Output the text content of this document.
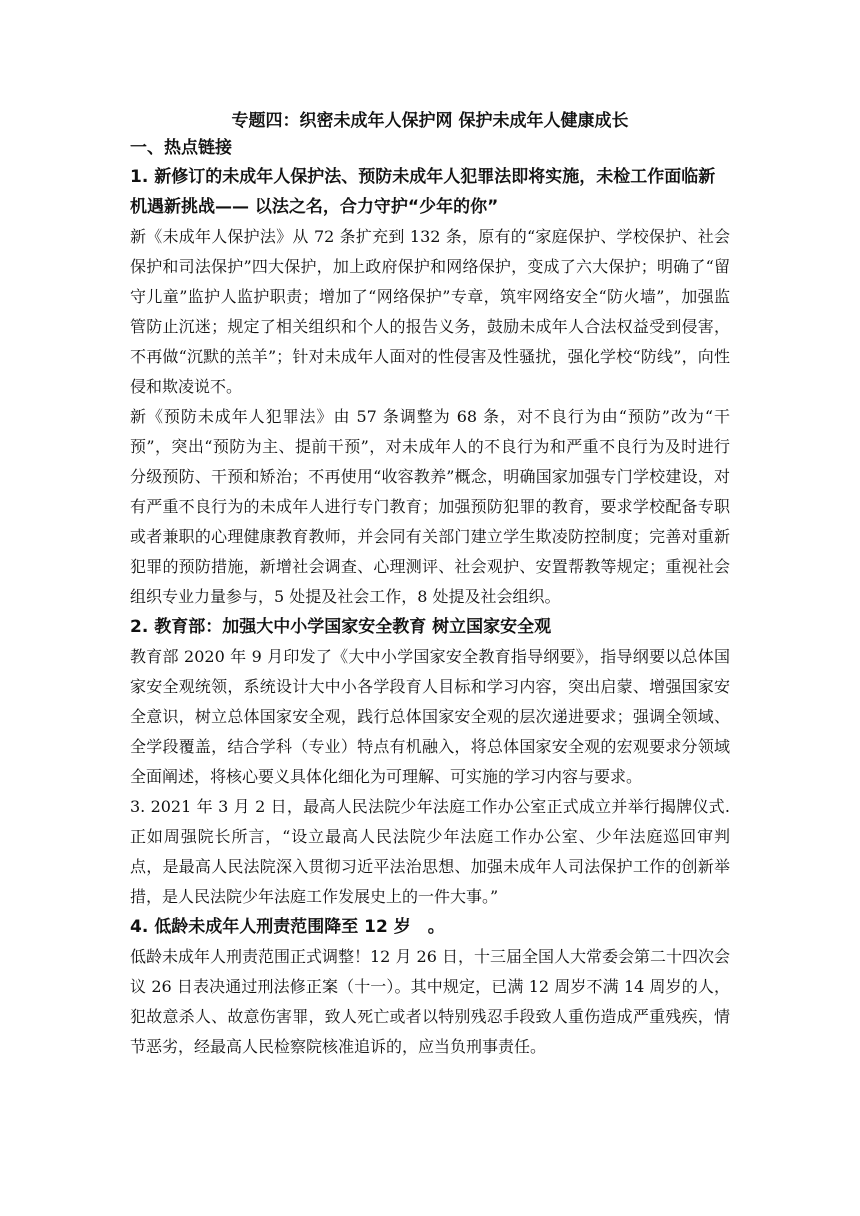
专题四：织密未成年人保护网 保护未成年人健康成长
一、热点链接
1. 新修订的未成年人保护法、预防未成年人犯罪法即将实施，未检工作面临新机遇新挑战—— 以法之名，合力守护“少年的你”

新《未成年人保护法》从 72 条扩充到 132 条，原有的“家庭保护、学校保护、社会保护和司法保护”四大保护，加上政府保护和网络保护，变成了六大保护；明确了“留守儿童”监护人监护职责；增加了“网络保护”专章，筑牢网络安全“防火墙”，加强监管防止沉迷；规定了相关组织和个人的报告义务，鼓励未成年人合法权益受到侵害，不再做“沉默的羔羊”；针对未成年人面对的性侵害及性骚扰，强化学校“防线”，向性侵和欺凌说不。

新《预防未成年人犯罪法》由 57 条调整为 68 条，对不良行为由“预防”改为“干预”，突出“预防为主、提前干预”，对未成年人的不良行为和严重不良行为及时进行分级预防、干预和矫治；不再使用“收容教养”概念，明确国家加强专门学校建设，对有严重不良行为的未成年人进行专门教育；加强预防犯罪的教育，要求学校配备专职或者兼职的心理健康教育教师，并会同有关部门建立学生欺凌防控制度；完善对重新犯罪的预防措施，新增社会调查、心理测评、社会观护、安置帮教等规定；重视社会组织专业力量参与，5 处提及社会工作，8 处提及社会组织。

2. 教育部：加强大中小学国家安全教育 树立国家安全观

教育部 2020 年 9 月印发了《大中小学国家安全教育指导纲要》，指导纲要以总体国家安全观统领，系统设计大中小各学段育人目标和学习内容，突出启蒙、增强国家安全意识，树立总体国家安全观，践行总体国家安全观的层次递进要求；强调全领域、全学段覆盖，结合学科（专业）特点有机融入，将总体国家安全观的宏观要求分领域全面阐述，将核心要义具体化细化为可理解、可实施的学习内容与要求。

3. 2021 年 3 月 2 日，最高人民法院少年法庭工作办公室正式成立并举行揭牌仪式.正如周强院长所言，“设立最高人民法院少年法庭工作办公室、少年法庭巡回审判点，是最高人民法院深入贯彻习近平法治思想、加强未成年人司法保护工作的创新举措，是人民法院少年法庭工作发展史上的一件大事。”

4. 低龄未成年人刑责范围降至 12 岁　。

低龄未成年人刑责范围正式调整！12 月 26 日，十三届全国人大常委会第二十四次会议 26 日表决通过刑法修正案（十一）。其中规定，已满 12 周岁不满 14 周岁的人，犯故意杀人、故意伤害罪，致人死亡或者以特别残忍手段致人重伤造成严重残疾，情节恶劣，经最高人民检察院核准追诉的，应当负刑事责任。
